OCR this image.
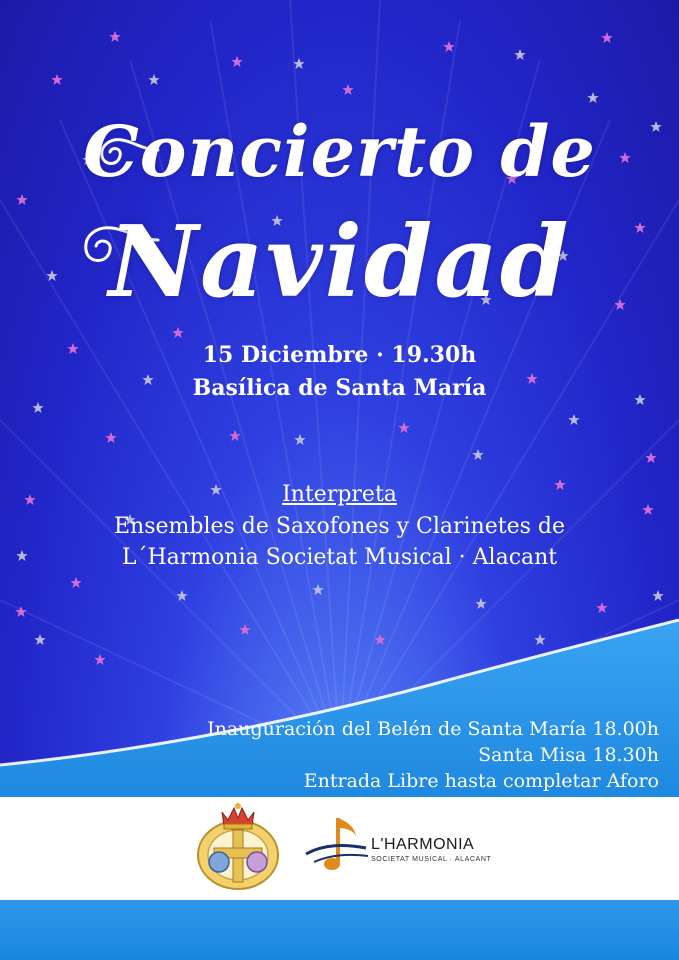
Concierto de
Navidad
15 Diciembre · 19.30h
Basílica de Santa María
Interpreta
Ensembles de Saxofones y Clarinetes de
L´Harmonia Societat Musical · Alacant
Inauguración del Belén de Santa María 18.00h
Santa Misa 18.30h
Entrada Libre hasta completar Aforo
L'HARMONIA
SOCIETAT MUSICAL · ALACANT
